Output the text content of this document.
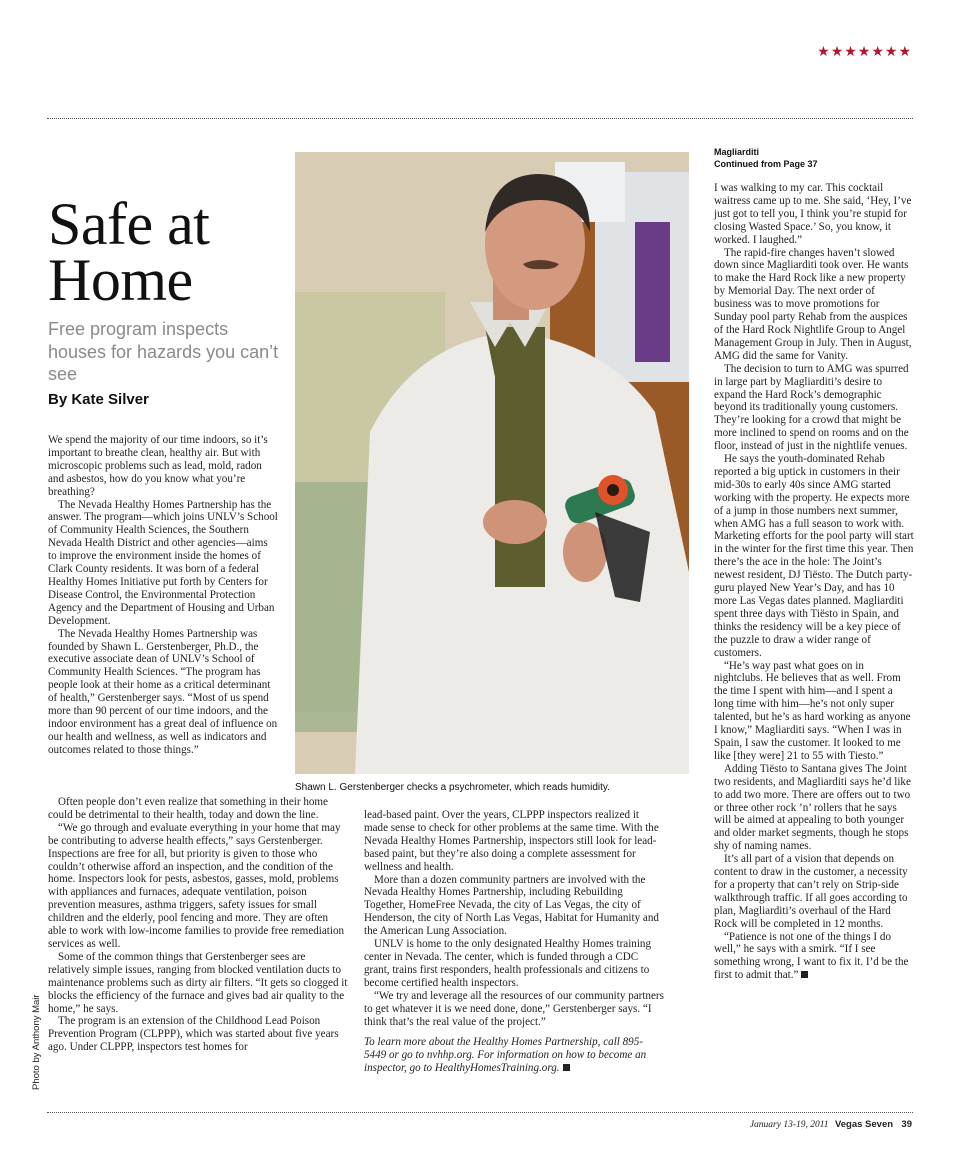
★★★★★★★
Safe at
Home
Free program inspects houses for hazards you can’t see
By Kate Silver

We spend the majority of our time indoors, so it’s important to breathe clean, healthy air. But with microscopic problems such as lead, mold, radon and asbestos, how do you know what you’re breathing?

The Nevada Healthy Homes Partnership has the answer. The program—which joins UNLV’s School of Community Health Sciences, the Southern Nevada Health District and other agencies—aims to improve the environment inside the homes of Clark County residents. It was born of a federal Healthy Homes Initiative put forth by Centers for Disease Control, the Environmental Protection Agency and the Department of Housing and Urban Development.

The Nevada Healthy Homes Partnership was founded by Shawn L. Gerstenberger, Ph.D., the executive associate dean of UNLV’s School of Community Health Sciences. “The program has people look at their home as a critical determinant of health,” Gerstenberger says. “Most of us spend more than 90 percent of our time indoors, and the indoor environment has a great deal of influence on our health and wellness, as well as indicators and outcomes related to those things.”

Shawn L. Gerstenberger checks a psychrometer, which reads humidity.

Often people don’t even realize that something in their home could be detrimental to their health, today and down the line.

“We go through and evaluate everything in your home that may be contributing to adverse health effects,” says Gerstenberger. Inspections are free for all, but priority is given to those who couldn’t otherwise afford an inspection, and the condition of the home. Inspectors look for pests, asbestos, gasses, mold, problems with appliances and furnaces, adequate ventilation, poison prevention measures, asthma triggers, safety issues for small children and the elderly, pool fencing and more. They are often able to work with low-income families to provide free remediation services as well.

Some of the common things that Gerstenberger sees are relatively simple issues, ranging from blocked ventilation ducts to maintenance problems such as dirty air filters. “It gets so clogged it blocks the efficiency of the furnace and gives bad air quality to the home,” he says.

The program is an extension of the Childhood Lead Poison Prevention Program (CLPPP), which was started about five years ago. Under CLPPP, inspectors test homes for

lead-based paint. Over the years, CLPPP inspectors realized it made sense to check for other problems at the same time. With the Nevada Healthy Homes Partnership, inspectors still look for lead-based paint, but they’re also doing a complete assessment for wellness and health.

More than a dozen community partners are involved with the Nevada Healthy Homes Partnership, including Rebuilding Together, HomeFree Nevada, the city of Las Vegas, the city of Henderson, the city of North Las Vegas, Habitat for Humanity and the American Lung Association.

UNLV is home to the only designated Healthy Homes training center in Nevada. The center, which is funded through a CDC grant, trains first responders, health professionals and citizens to become certified health inspectors.

“We try and leverage all the resources of our community partners to get whatever it is we need done, done,” Gerstenberger says. “I think that’s the real value of the project.”

To learn more about the Healthy Homes Partnership, call 895-5449 or go to nvhhp.org. For information on how to become an inspector, go to HealthyHomesTraining.org.

Magliarditi
Continued from Page 37

I was walking to my car. This cocktail waitress came up to me. She said, ‘Hey, I’ve just got to tell you, I think you’re stupid for closing Wasted Space.’ So, you know, it worked. I laughed.”

The rapid-fire changes haven’t slowed down since Magliarditi took over. He wants to make the Hard Rock like a new property by Memorial Day. The next order of business was to move promotions for Sunday pool party Rehab from the auspices of the Hard Rock Nightlife Group to Angel Management Group in July. Then in August, AMG did the same for Vanity.

The decision to turn to AMG was spurred in large part by Magliarditi’s desire to expand the Hard Rock’s demographic beyond its traditionally young customers. They’re looking for a crowd that might be more inclined to spend on rooms and on the floor, instead of just in the nightlife venues.

He says the youth-dominated Rehab reported a big uptick in customers in their mid-30s to early 40s since AMG started working with the property. He expects more of a jump in those numbers next summer, when AMG has a full season to work with. Marketing efforts for the pool party will start in the winter for the first time this year. Then there’s the ace in the hole: The Joint’s newest resident, DJ Tiësto. The Dutch party-guru played New Year’s Day, and has 10 more Las Vegas dates planned. Magliarditi spent three days with Tiësto in Spain, and thinks the residency will be a key piece of the puzzle to draw a wider range of customers.

“He’s way past what goes on in nightclubs. He believes that as well. From the time I spent with him—and I spent a long time with him—he’s not only super talented, but he’s as hard working as anyone I know,” Magliarditi says. “When I was in Spain, I saw the customer. It looked to me like [they were] 21 to 55 with Tiesto.”

Adding Tiësto to Santana gives The Joint two residents, and Magliarditi says he’d like to add two more. There are offers out to two or three other rock ’n’ rollers that he says will be aimed at appealing to both younger and older market segments, though he stops shy of naming names.

It’s all part of a vision that depends on content to draw in the customer, a necessity for a property that can’t rely on Strip-side walkthrough traffic. If all goes according to plan, Magliarditi’s overhaul of the Hard Rock will be completed in 12 months.

“Patience is not one of the things I do well,” he says with a smirk. “If I see something wrong, I want to fix it. I’d be the first to admit that.”

Photo by Anthony Mair
January 13-19, 2011 Vegas Seven 39
